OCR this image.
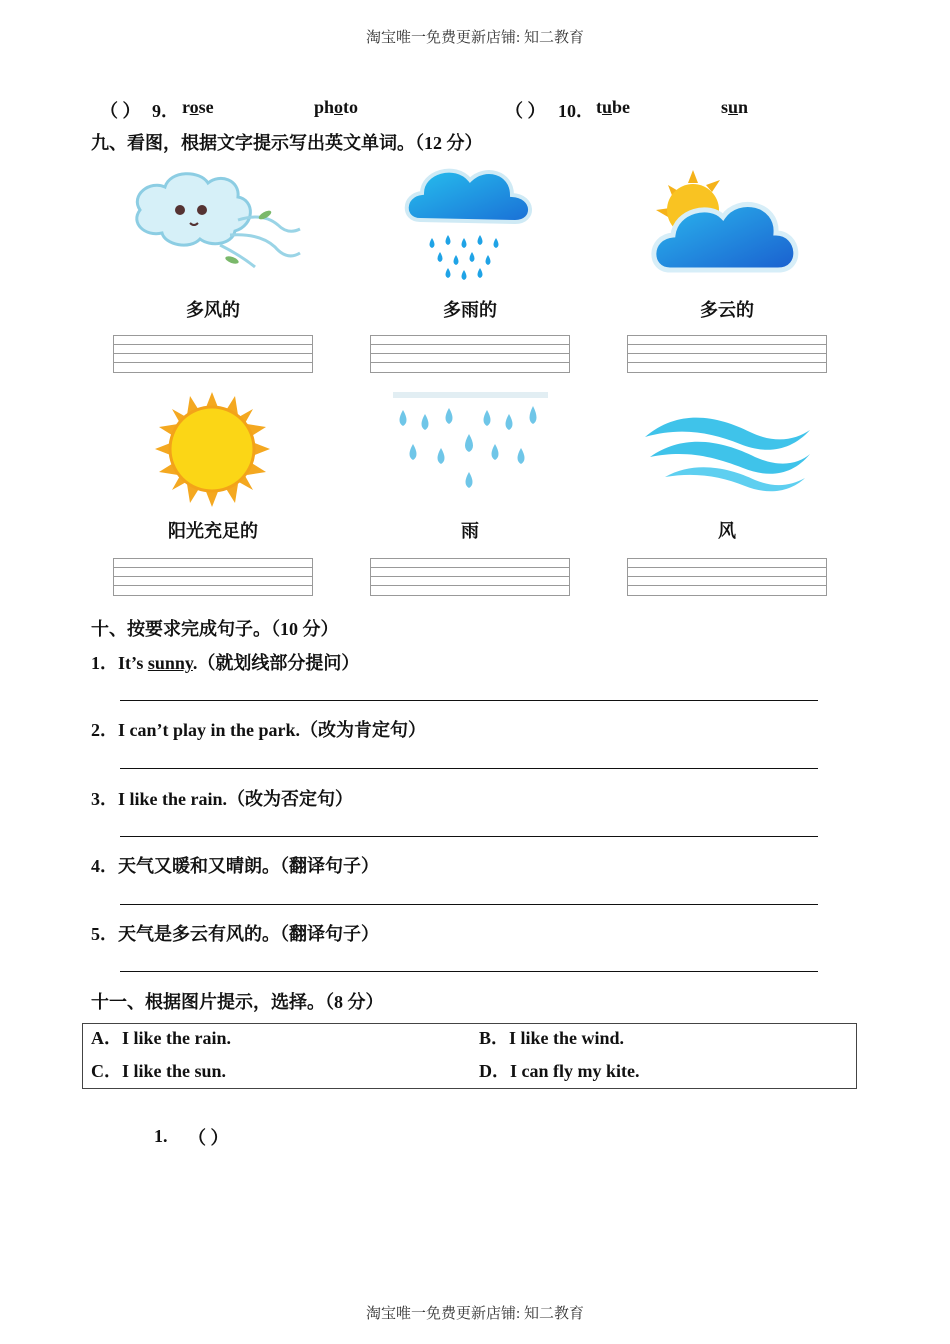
淘宝唯一免费更新店铺: 知二教育
（ ） 9． rose	photo	（ ） 10． tube	sun
九、看图，根据文字提示写出英文单词。（12 分）
多风的	多雨的	多云的
阳光充足的	雨	风
十、按要求完成句子。（10 分）
1．It’s sunny.（就划线部分提问）
2．I can’t play in the park.（改为肯定句）
3．I like the rain.（改为否定句）
4．天气又暖和又晴朗。（翻译句子）
5．天气是多云有风的。（翻译句子）
十一、根据图片提示，选择。（8 分）
A．I like the rain.	B．I like the wind.
C．I like the sun.	D．I can fly my kite.
1. （ ）
淘宝唯一免费更新店铺: 知二教育
